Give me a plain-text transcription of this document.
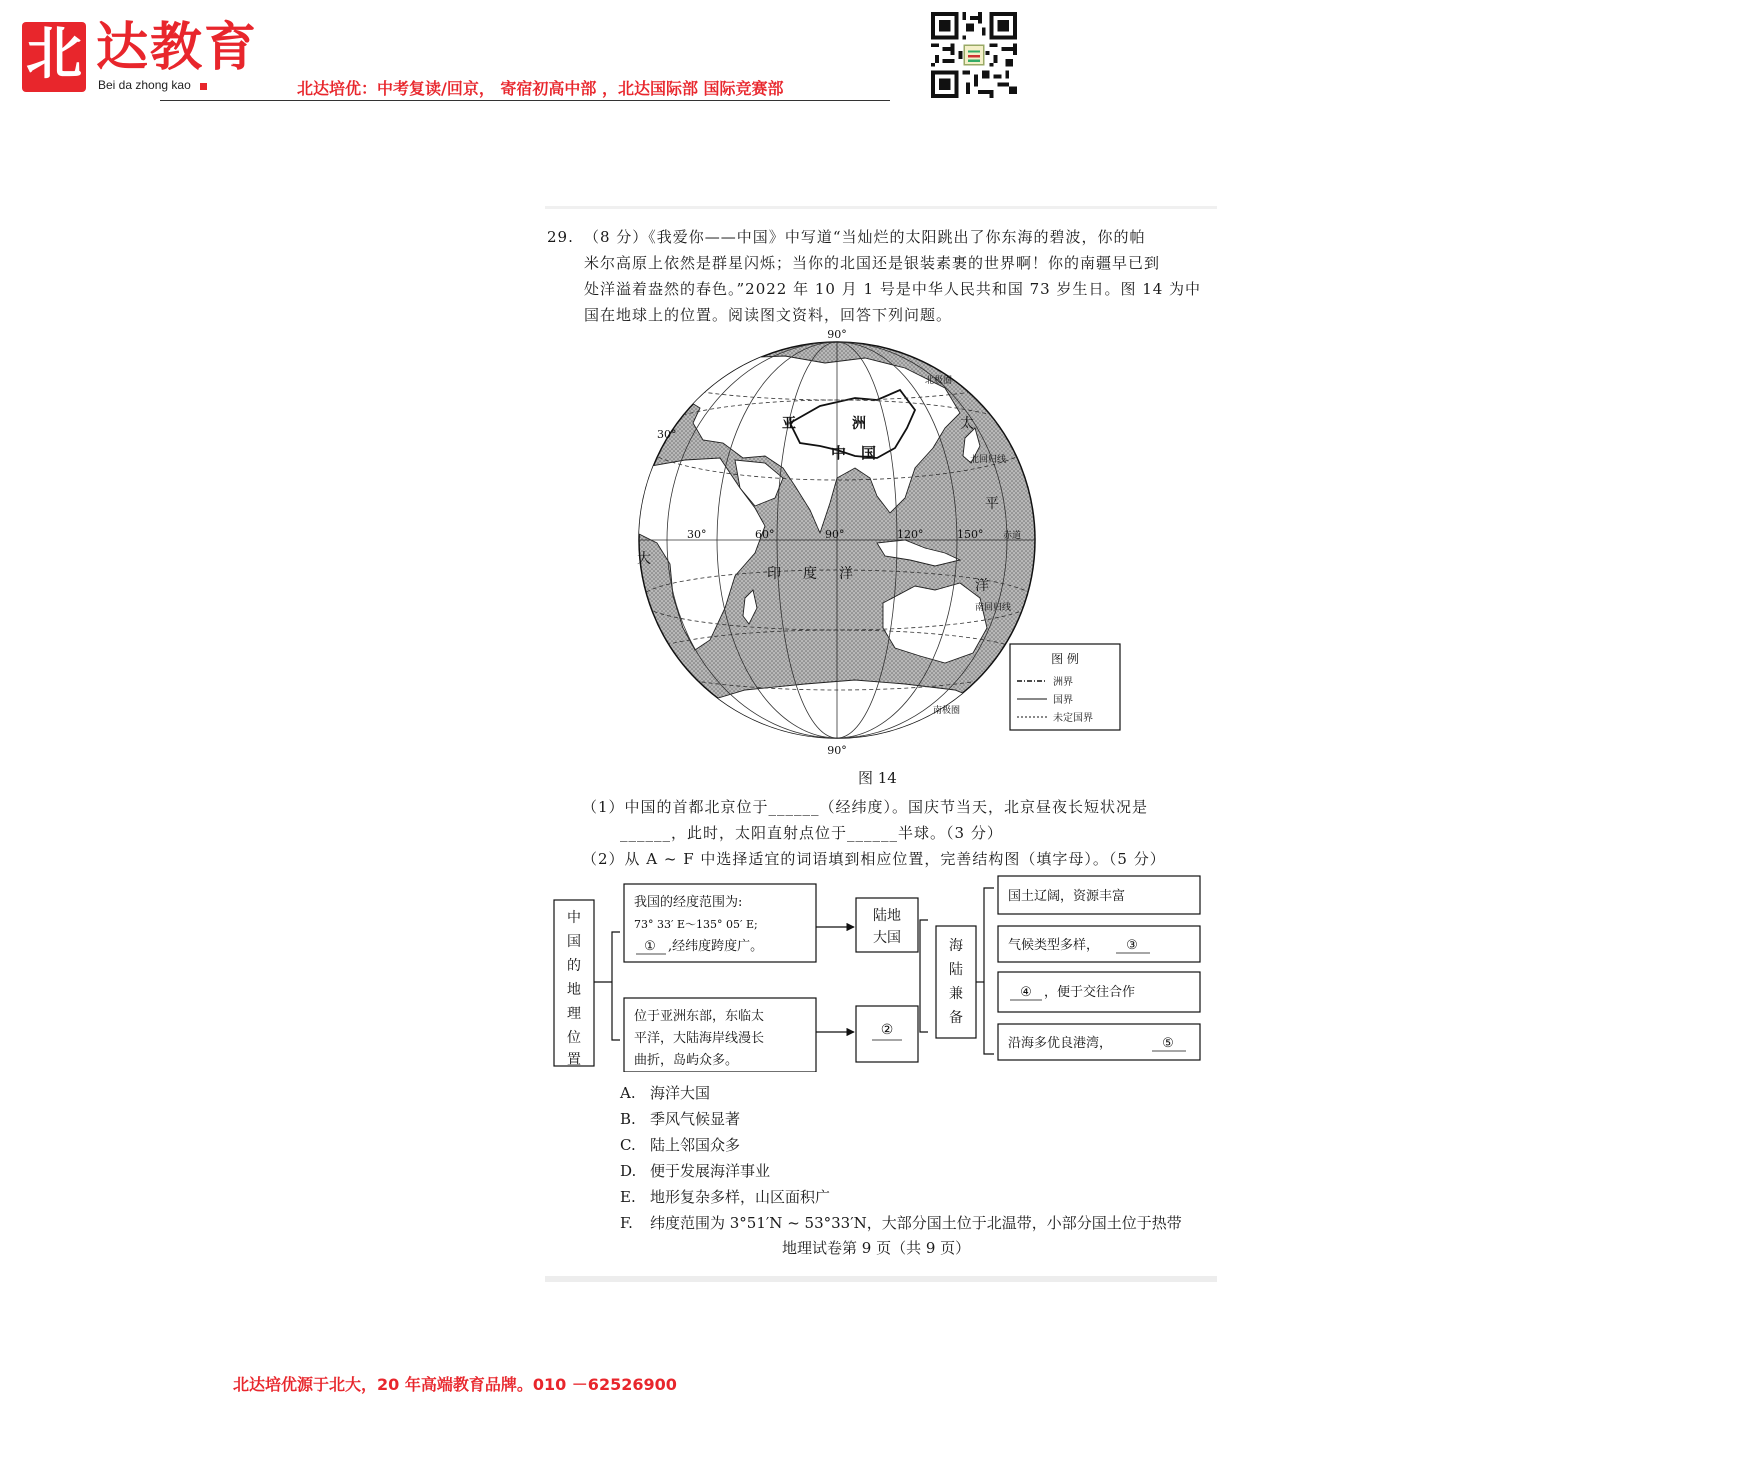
北 达教育
Bei da zhong kao	北达培优：中考复读/回京， 寄宿初高中部 ，北达国际部 国际竞赛部
29. （8 分）《我爱你——中国》中写道“当灿烂的太阳跳出了你东海的碧波，你的帕
米尔高原上依然是群星闪烁；当你的北国还是银装素裹的世界啊！你的南疆早已到
处洋溢着盎然的春色。”2022 年 10 月 1 号是中华人民共和国 73 岁生日。图 14 为中
国在地球上的位置。阅读图文资料，回答下列问题。
90°
90°
30°
30°	60°	90°	120°	150°
亚	洲
中 国
印 度 洋
太
平
洋
大
北极圈
北回归线
赤道
南回归线
南极圈
图 例
洲界
国界
未定国界
图 14
（1）中国的首都北京位于______（经纬度）。国庆节当天，北京昼夜长短状况是
______，此时，太阳直射点位于______半球。（3 分）
（2）从 A ~ F 中选择适宜的词语填到相应位置，完善结构图（填字母）。（5 分）
中
国
的
地
理
位
置
我国的经度范围为:
73° 33′ E～135° 05′ E;
① ,经纬度跨度广。
位于亚洲东部，东临太
平洋，大陆海岸线漫长
曲折，岛屿众多。
陆地
大国
②
海
陆
兼
备
国土辽阔，资源丰富
气候类型多样， ③
④ ，便于交往合作
沿海多优良港湾，	⑤
A. 海洋大国
B. 季风气候显著
C. 陆上邻国众多
D. 便于发展海洋事业
E. 地形复杂多样，山区面积广
F. 纬度范围为 3°51′N ~ 53°33′N，大部分国土位于北温带，小部分国土位于热带
地理试卷第 9 页（共 9 页）
北达培优源于北大，20 年高端教育品牌。010 －62526900
